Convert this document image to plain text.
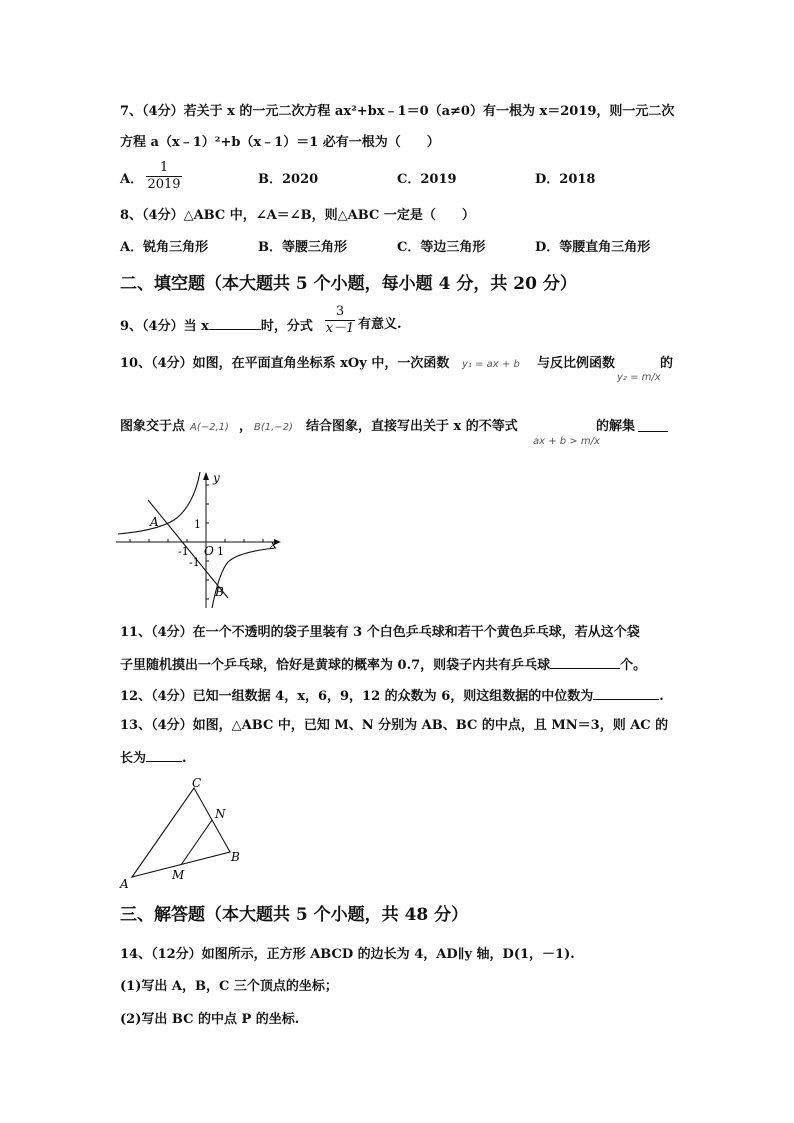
7、（4分）若关于 x 的一元二次方程 ax²+bx﹣1＝0（a≠0）有一根为 x＝2019，则一元二次
方程 a（x﹣1）²+b（x﹣1）＝1 必有一根为（　　）
A．
1
2019	B．2020	C．2019	D．2018
8、（4分）△ABC 中，∠A＝∠B，则△ABC 一定是（　　）
A．锐角三角形	B．等腰三角形	C．等边三角形	D．等腰直角三角形
二、填空题（本大题共 5 个小题，每小题 4 分，共 20 分）
9、（4分）当 x	时，分式
3
x－1 有意义.
10、（4分）如图，在平面直角坐标系 xOy 中，一次函数 y₁ = ax + b 与反比例函数	的
y₂ = m/x
图象交于点 A(−2,1) ， B(1,−2) 结合图象，直接写出关于 x 的不等式	的解集
ax + b > m/x
y
x
O 1
-1
1
-1
A
B
11、（4分）在一个不透明的袋子里装有 3 个白色乒乓球和若干个黄色乒乓球，若从这个袋
子里随机摸出一个乒乓球，恰好是黄球的概率为 0.7，则袋子内共有乒乓球	个。
12、（4分）已知一组数据 4，x，6，9，12 的众数为 6，则这组数据的中位数为	.
13、（4分）如图，△ABC 中，已知 M、N 分别为 AB、BC 的中点，且 MN＝3，则 AC 的
长为	.
C
N
B
A
M
三、解答题（本大题共 5 个小题，共 48 分）
14、（12分）如图所示，正方形 ABCD 的边长为 4，AD∥y 轴，D(1，－1).
(1)写出 A，B，C 三个顶点的坐标；
(2)写出 BC 的中点 P 的坐标.
